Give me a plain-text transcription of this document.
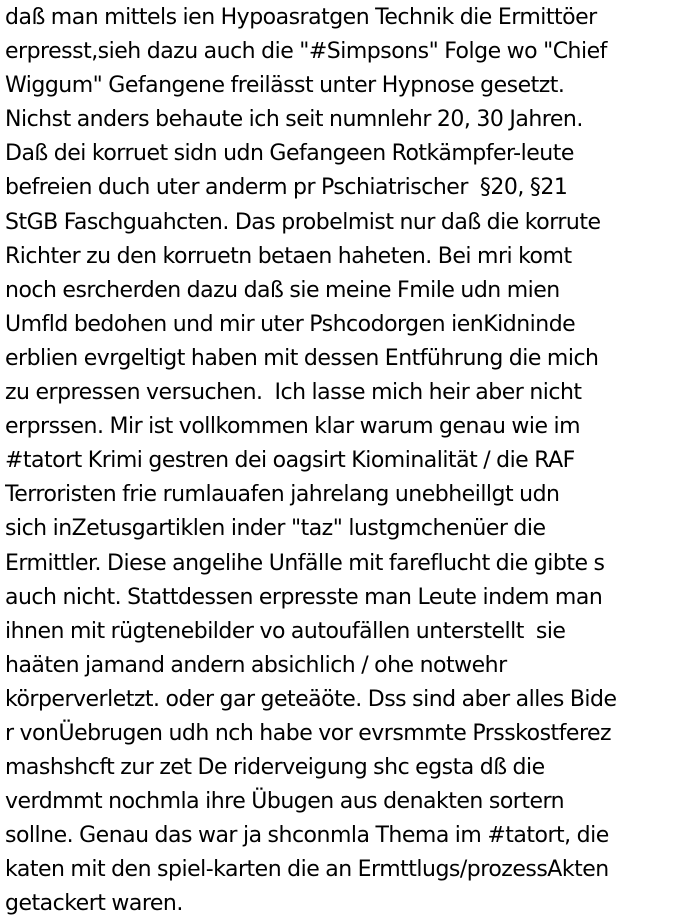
daß man mittels ien Hypoasratgen Technik die Ermittöer
erpresst,sieh dazu auch die "#Simpsons" Folge wo "Chief
Wiggum" Gefangene freilässt unter Hypnose gesetzt.
Nichst anders behaute ich seit numnlehr 20, 30 Jahren.
Daß dei korruet sidn udn Gefangeen Rotkämpfer-leute
befreien duch uter anderm pr Pschiatrischer  §20, §21
StGB Faschguahcten. Das probelmist nur daß die korrute
Richter zu den korruetn betaen haheten. Bei mri komt
noch esrcherden dazu daß sie meine Fmile udn mien
Umfld bedohen und mir uter Pshcodorgen ienKidninde
erblien evrgeltigt haben mit dessen Entführung die mich
zu erpressen versuchen.  Ich lasse mich heir aber nicht
erprssen. Mir ist vollkommen klar warum genau wie im
#tatort Krimi gestren dei oagsirt Kiominalität / die RAF
Terroristen frie rumlauafen jahrelang unebheillgt udn
sich inZetusgartiklen inder "taz" lustgmchenüer die
Ermittler. Diese angelihe Unfälle mit fareflucht die gibte s
auch nicht. Stattdessen erpresste man Leute indem man
ihnen mit rügtenebilder vo autoufällen unterstellt  sie
haäten jamand andern absichlich / ohe notwehr
körperverletzt. oder gar geteäöte. Dss sind aber alles Bide
r vonÜebrugen udh nch habe vor evrsmmte Prsskostferez
mashshcft zur zet De riderveigung shc egsta dß die
verdmmt nochmla ihre Übugen aus denakten sortern
sollne. Genau das war ja shconmla Thema im #tatort, die
katen mit den spiel-karten die an Ermttlugs/prozessAkten
getackert waren.
